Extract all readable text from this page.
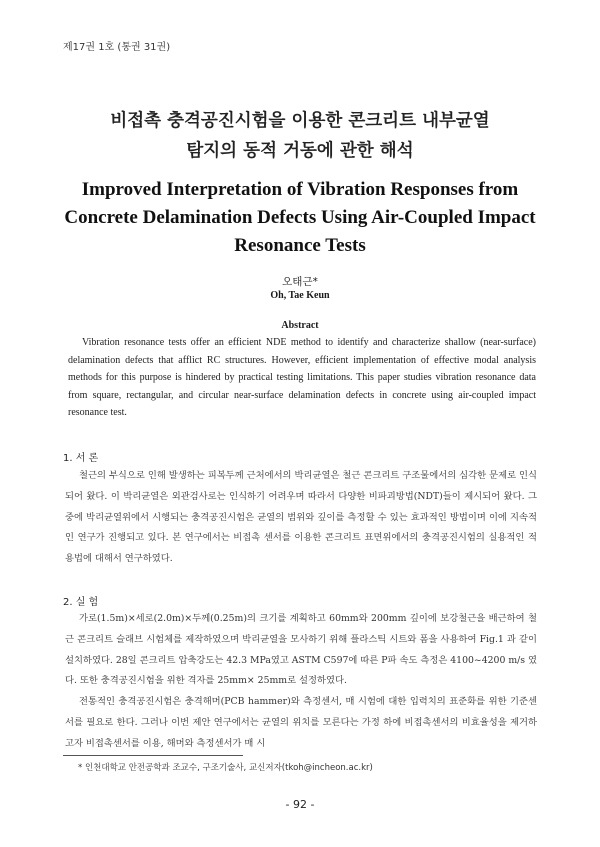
제17권 1호 (통권 31권)
비접촉 충격공진시험을 이용한 콘크리트 내부균열
탐지의 동적 거동에 관한 해석
Improved Interpretation of Vibration Responses from
Concrete Delamination Defects Using Air-Coupled Impact
Resonance Tests
오태근*
Oh, Tae Keun
Abstract

Vibration resonance tests offer an efficient NDE method to identify and characterize shallow (near-surface) delamination defects that afflict RC structures. However, efficient implementation of effective modal analysis methods for this purpose is hindered by practical testing limitations. This paper studies vibration resonance data from square, rectangular, and circular near-surface delamination defects in concrete using air-coupled impact resonance test.

1. 서 론

철근의 부식으로 인해 발생하는 피복두께 근처에서의 박리균열은 철근 콘크리트 구조물에서의 심각한 문제로 인식되어 왔다. 이 박리균열은 외관검사로는 인식하기 어려우며 따라서 다양한 비파괴방법(NDT)들이 제시되어 왔다. 그 중에 박리균열위에서 시행되는 충격공진시험은 균열의 범위와 깊이를 측정할 수 있는 효과적인 방법이며 이에 지속적인 연구가 진행되고 있다. 본 연구에서는 비접촉 센서를 이용한 콘크리트 표면위에서의 충격공진시험의 실용적인 적용법에 대해서 연구하였다.

2. 실 험

가로(1.5m)×세로(2.0m)×두께(0.25m)의 크기를 계획하고 60mm와 200mm 깊이에 보강철근을 배근하여 철근 콘크리트 슬래브 시험체를 제작하였으며 박리균열을 모사하기 위해 플라스틱 시트와 폼을 사용하여 Fig.1 과 같이 설치하였다. 28일 콘크리트 압축강도는 42.3 MPa였고 ASTM C597에 따른 P파 속도 측정은 4100~4200 m/s 였다. 또한 충격공진시험을 위한 격자를 25mm× 25mm로 설정하였다.

전통적인 충격공진시험은 충격해머(PCB hammer)와 측정센서, 매 시험에 대한 입력치의 표준화를 위한 기준센서를 필요로 한다. 그러나 이번 제안 연구에서는 균열의 위치를 모른다는 가정 하에 비접촉센서의 비효율성을 제거하고자 비접촉센서를 이용, 해머와 측정센서가 매 시

* 인천대학교 안전공학과 조교수, 구조기술사, 교신저자(tkoh@incheon.ac.kr)
- 92 -
